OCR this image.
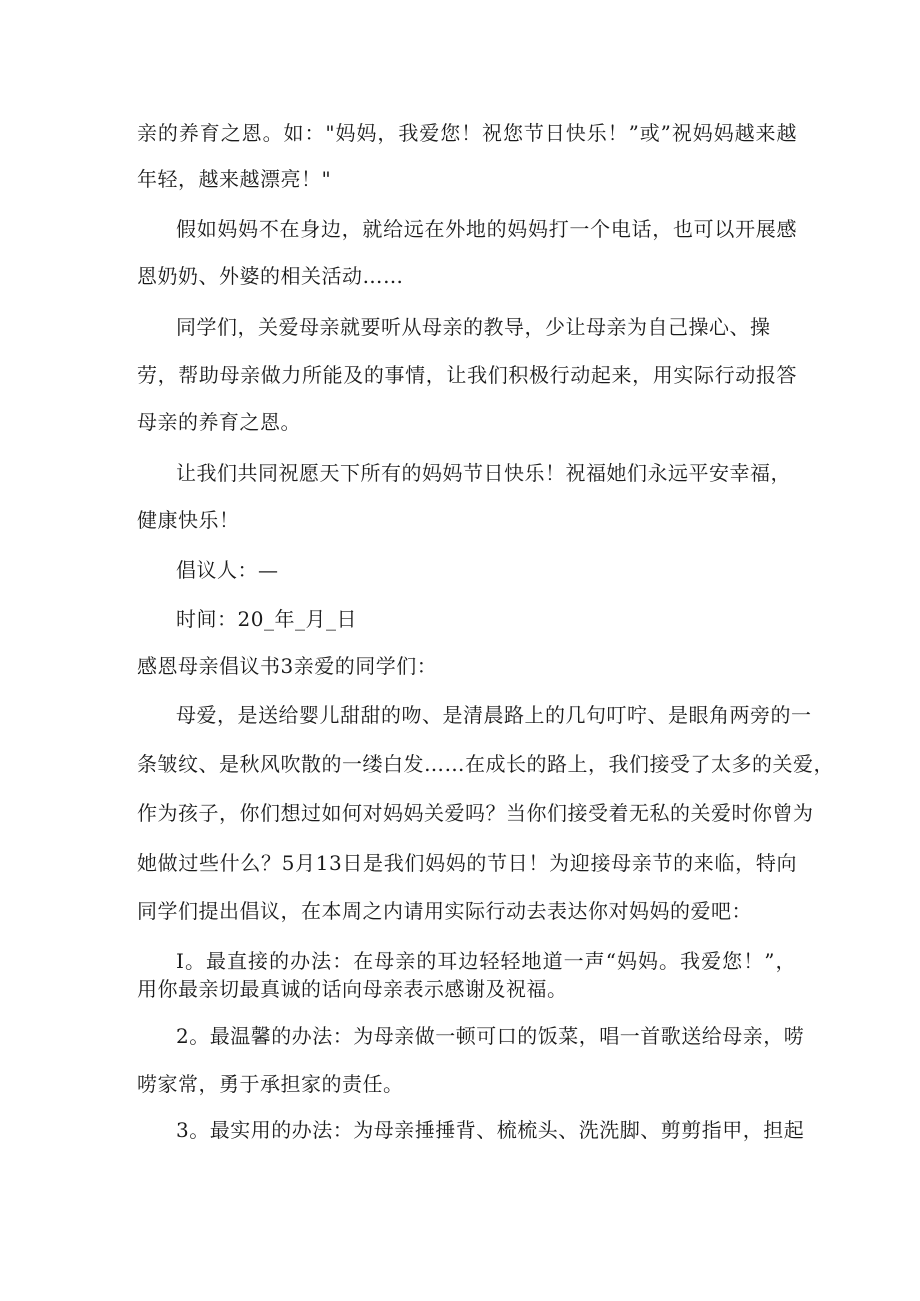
亲的养育之恩。如："妈妈，我爱您！祝您节日快乐！”或”祝妈妈越来越
年轻，越来越漂亮！"
假如妈妈不在身边，就给远在外地的妈妈打一个电话，也可以开展感
恩奶奶、外婆的相关活动……
同学们，关爱母亲就要听从母亲的教导，少让母亲为自己操心、操
劳，帮助母亲做力所能及的事情，让我们积极行动起来，用实际行动报答
母亲的养育之恩。
让我们共同祝愿天下所有的妈妈节日快乐！祝福她们永远平安幸福，
健康快乐！
倡议人：—
时间：20_年_月_日
感恩母亲倡议书3亲爱的同学们：
母爱，是送给婴儿甜甜的吻、是清晨路上的几句叮咛、是眼角两旁的一
条皱纹、是秋风吹散的一缕白发……在成长的路上，我们接受了太多的关爱，
作为孩子，你们想过如何对妈妈关爱吗？当你们接受着无私的关爱时你曾为
她做过些什么？5月13日是我们妈妈的节日！为迎接母亲节的来临，特向
同学们提出倡议，在本周之内请用实际行动去表达你对妈妈的爱吧：
I。最直接的办法：在母亲的耳边轻轻地道一声“妈妈。我爱您！”，
用你最亲切最真诚的话向母亲表示感谢及祝福。
2。最温馨的办法：为母亲做一顿可口的饭菜，唱一首歌送给母亲，唠
唠家常，勇于承担家的责任。
3。最实用的办法：为母亲捶捶背、梳梳头、洗洗脚、剪剪指甲，担起
